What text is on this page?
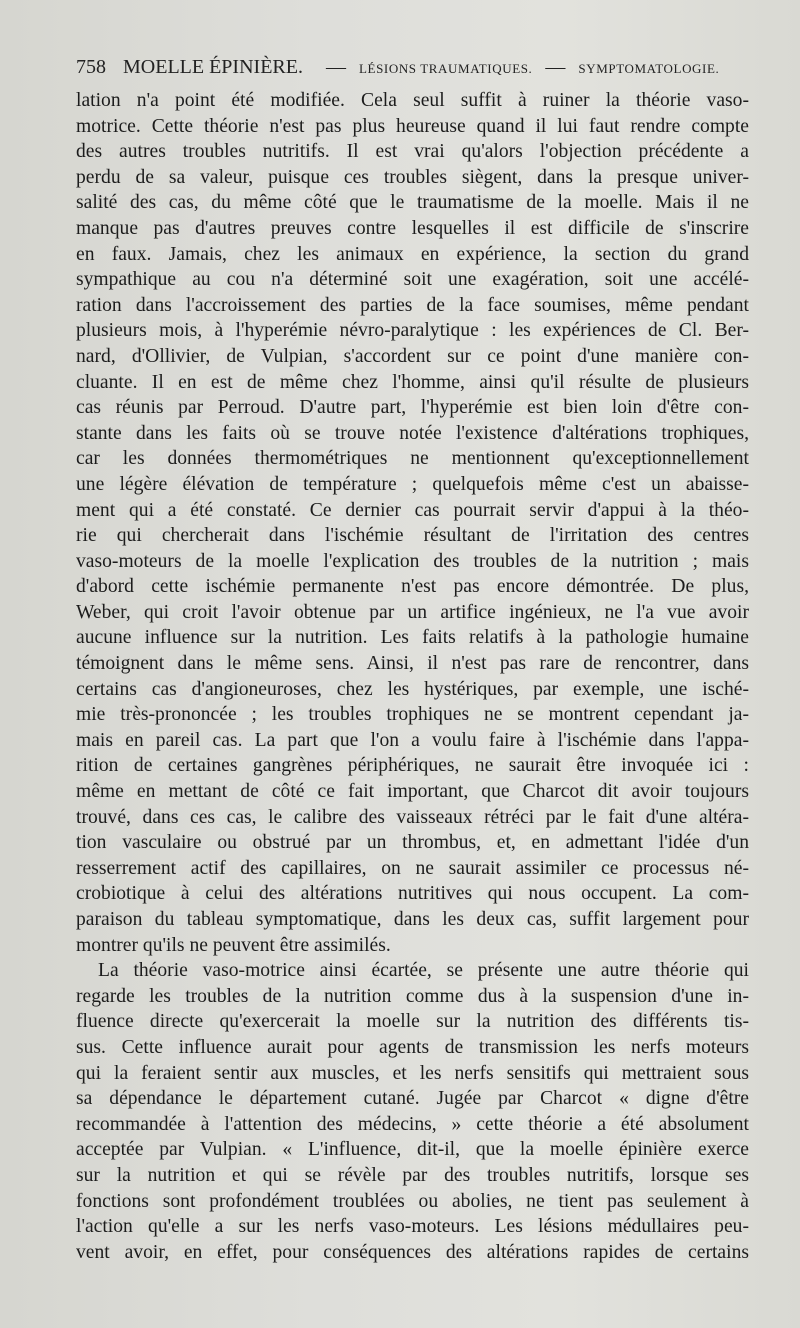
758 MOELLE ÉPINIÈRE. — LÉSIONS TRAUMATIQUES. — SYMPTOMATOLOGIE.
lation n'a point été modifiée. Cela seul suffit à ruiner la théorie vaso-
motrice. Cette théorie n'est pas plus heureuse quand il lui faut rendre compte
des autres troubles nutritifs. Il est vrai qu'alors l'objection précédente a
perdu de sa valeur, puisque ces troubles siègent, dans la presque univer-
salité des cas, du même côté que le traumatisme de la moelle. Mais il ne
manque pas d'autres preuves contre lesquelles il est difficile de s'inscrire
en faux. Jamais, chez les animaux en expérience, la section du grand
sympathique au cou n'a déterminé soit une exagération, soit une accélé-
ration dans l'accroissement des parties de la face soumises, même pendant
plusieurs mois, à l'hyperémie névro-paralytique : les expériences de Cl. Ber-
nard, d'Ollivier, de Vulpian, s'accordent sur ce point d'une manière con-
cluante. Il en est de même chez l'homme, ainsi qu'il résulte de plusieurs
cas réunis par Perroud. D'autre part, l'hyperémie est bien loin d'être con-
stante dans les faits où se trouve notée l'existence d'altérations trophiques,
car les données thermométriques ne mentionnent qu'exceptionnellement
une légère élévation de température ; quelquefois même c'est un abaisse-
ment qui a été constaté. Ce dernier cas pourrait servir d'appui à la théo-
rie qui chercherait dans l'ischémie résultant de l'irritation des centres
vaso-moteurs de la moelle l'explication des troubles de la nutrition ; mais
d'abord cette ischémie permanente n'est pas encore démontrée. De plus,
Weber, qui croit l'avoir obtenue par un artifice ingénieux, ne l'a vue avoir
aucune influence sur la nutrition. Les faits relatifs à la pathologie humaine
témoignent dans le même sens. Ainsi, il n'est pas rare de rencontrer, dans
certains cas d'angioneuroses, chez les hystériques, par exemple, une isché-
mie très-prononcée ; les troubles trophiques ne se montrent cependant ja-
mais en pareil cas. La part que l'on a voulu faire à l'ischémie dans l'appa-
rition de certaines gangrènes périphériques, ne saurait être invoquée ici :
même en mettant de côté ce fait important, que Charcot dit avoir toujours
trouvé, dans ces cas, le calibre des vaisseaux rétréci par le fait d'une altéra-
tion vasculaire ou obstrué par un thrombus, et, en admettant l'idée d'un
resserrement actif des capillaires, on ne saurait assimiler ce processus né-
crobiotique à celui des altérations nutritives qui nous occupent. La com-
paraison du tableau symptomatique, dans les deux cas, suffit largement pour
montrer qu'ils ne peuvent être assimilés.
La théorie vaso-motrice ainsi écartée, se présente une autre théorie qui
regarde les troubles de la nutrition comme dus à la suspension d'une in-
fluence directe qu'exercerait la moelle sur la nutrition des différents tis-
sus. Cette influence aurait pour agents de transmission les nerfs moteurs
qui la feraient sentir aux muscles, et les nerfs sensitifs qui mettraient sous
sa dépendance le département cutané. Jugée par Charcot « digne d'être
recommandée à l'attention des médecins, » cette théorie a été absolument
acceptée par Vulpian. « L'influence, dit-il, que la moelle épinière exerce
sur la nutrition et qui se révèle par des troubles nutritifs, lorsque ses
fonctions sont profondément troublées ou abolies, ne tient pas seulement à
l'action qu'elle a sur les nerfs vaso-moteurs. Les lésions médullaires peu-
vent avoir, en effet, pour conséquences des altérations rapides de certains
